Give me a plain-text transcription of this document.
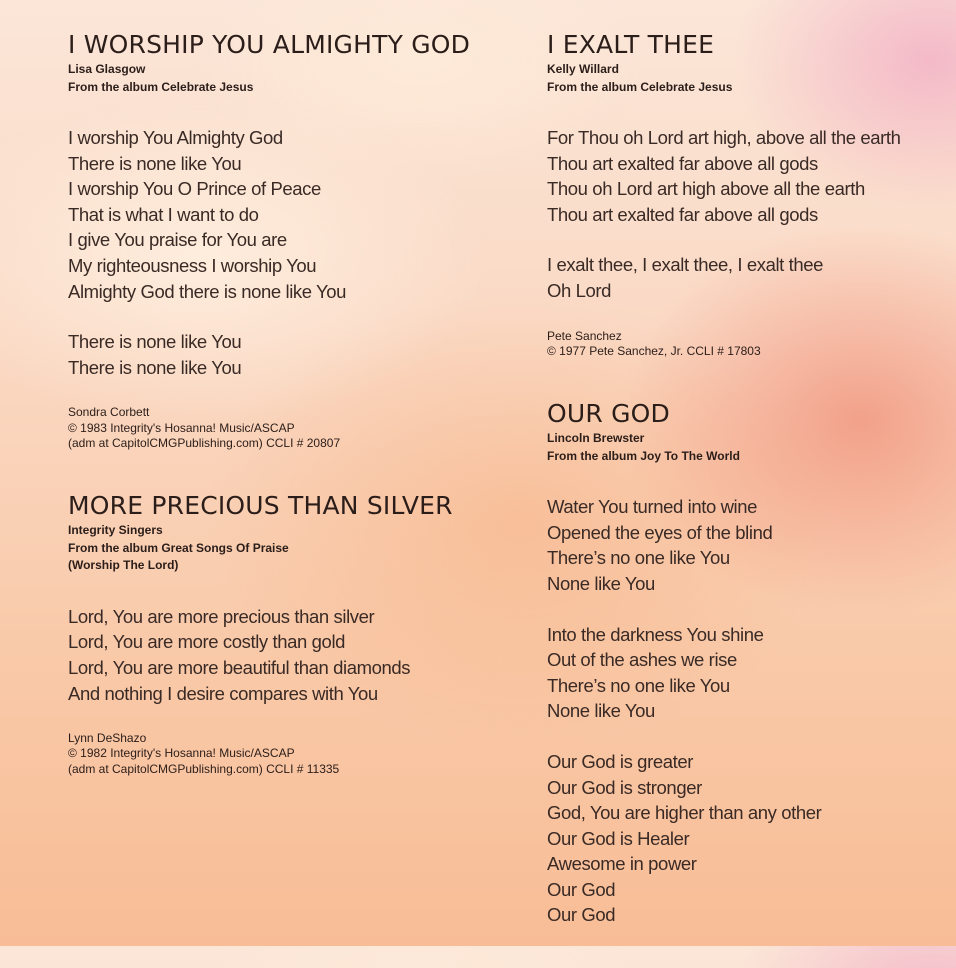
I WORSHIP YOU ALMIGHTY GOD
Lisa Glasgow
From the album Celebrate Jesus
I worship You Almighty God
There is none like You
I worship You O Prince of Peace
That is what I want to do
I give You praise for You are
My righteousness I worship You
Almighty God there is none like You
There is none like You
There is none like You
Sondra Corbett
© 1983 Integrity's Hosanna! Music/ASCAP
(adm at CapitolCMGPublishing.com) CCLI # 20807
MORE PRECIOUS THAN SILVER
Integrity Singers
From the album Great Songs Of Praise
(Worship The Lord)
Lord, You are more precious than silver
Lord, You are more costly than gold
Lord, You are more beautiful than diamonds
And nothing I desire compares with You
Lynn DeShazo
© 1982 Integrity's Hosanna! Music/ASCAP
(adm at CapitolCMGPublishing.com) CCLI # 11335
I EXALT THEE
Kelly Willard
From the album Celebrate Jesus
For Thou oh Lord art high, above all the earth
Thou art exalted far above all gods
Thou oh Lord art high above all the earth
Thou art exalted far above all gods
I exalt thee, I exalt thee, I exalt thee
Oh Lord
Pete Sanchez
© 1977 Pete Sanchez, Jr. CCLI # 17803
OUR GOD
Lincoln Brewster
From the album Joy To The World
Water You turned into wine
Opened the eyes of the blind
There’s no one like You
None like You
Into the darkness You shine
Out of the ashes we rise
There’s no one like You
None like You
Our God is greater
Our God is stronger
God, You are higher than any other
Our God is Healer
Awesome in power
Our God
Our God
